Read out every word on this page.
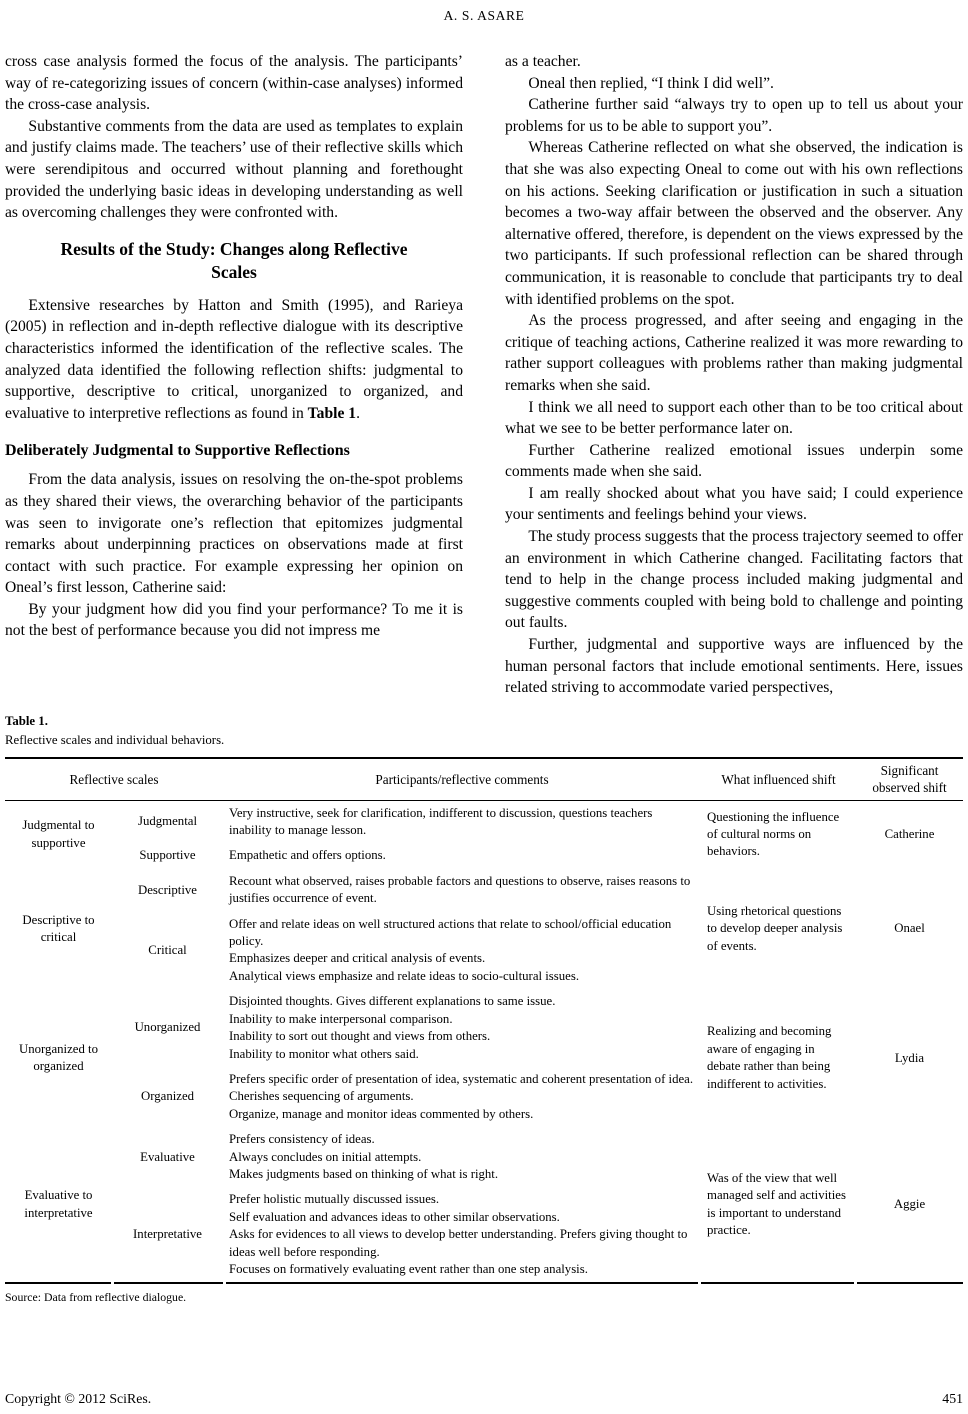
A. S. ASARE

cross case analysis formed the focus of the analysis. The participants’ way of re-categorizing issues of concern (within-case analyses) informed the cross-case analysis.

Substantive comments from the data are used as templates to explain and justify claims made. The teachers’ use of their reflective skills which were serendipitous and occurred without planning and forethought provided the underlying basic ideas in developing understanding as well as overcoming challenges they were confronted with.

Results of the Study: Changes along Reflective
Scales

Extensive researches by Hatton and Smith (1995), and Rarieya (2005) in reflection and in-depth reflective dialogue with its descriptive characteristics informed the identification of the reflective scales. The analyzed data identified the following reflection shifts: judgmental to supportive, descriptive to critical, unorganized to organized, and evaluative to interpretive reflections as found in Table 1.

Deliberately Judgmental to Supportive Reflections

From the data analysis, issues on resolving the on-the-spot problems as they shared their views, the overarching behavior of the participants was seen to invigorate one’s reflection that epitomizes judgmental remarks about underpinning practices on observations made at first contact with such practice. For example expressing her opinion on Oneal’s first lesson, Catherine said:

By your judgment how did you find your performance? To me it is not the best of performance because you did not impress me

as a teacher.

Oneal then replied, “I think I did well”.

Catherine further said “always try to open up to tell us about your problems for us to be able to support you”.

Whereas Catherine reflected on what she observed, the indication is that she was also expecting Oneal to come out with his own reflections on his actions. Seeking clarification or justification in such a situation becomes a two-way affair between the observed and the observer. Any alternative offered, therefore, is dependent on the views expressed by the two participants. If such professional reflection can be shared through communication, it is reasonable to conclude that participants try to deal with identified problems on the spot.

As the process progressed, and after seeing and engaging in the critique of teaching actions, Catherine realized it was more rewarding to rather support colleagues with problems rather than making judgmental remarks when she said.

I think we all need to support each other than to be too critical about what we see to be better performance later on.

Further Catherine realized emotional issues underpin some comments made when she said.

I am really shocked about what you have said; I could experience your sentiments and feelings behind your views.

The study process suggests that the process trajectory seemed to offer an environment in which Catherine changed. Facilitating factors that tend to help in the change process included making judgmental and suggestive comments coupled with being bold to challenge and pointing out faults.

Further, judgmental and supportive ways are influenced by the human personal factors that include emotional sentiments. Here, issues related striving to accommodate varied perspectives,

Table 1.
Reflective scales and individual behaviors.
Reflective scales		Participants/reflective comments	What influenced shift	Significant observed shift
Judgmental to supportive	Judgmental	Very instructive, seek for clarification, indifferent to discussion, questions teachers inability to manage lesson.	Questioning the influence of cultural norms on behaviors.	Catherine
	Supportive	Empathetic and offers options.		

Descriptive to critical	Descriptive	Recount what observed, raises probable factors and questions to observe, raises reasons to justifies occurrence of event.	Using rhetorical questions to develop deeper analysis of events.	Onael
	Critical	Offer and relate ideas on well structured actions that relate to school/official education policy.
Emphasizes deeper and critical analysis of events.
Analytical views emphasize and relate ideas to socio-cultural issues.		

Unorganized to organized	Unorganized	Disjointed thoughts. Gives different explanations to same issue.
Inability to make interpersonal comparison.
Inability to sort out thought and views from others.
Inability to monitor what others said.	Realizing and becoming aware of engaging in debate rather than being indifferent to activities.	Lydia
	Organized	Prefers specific order of presentation of idea, systematic and coherent presentation of idea.
Cherishes sequencing of arguments.
Organize, manage and monitor ideas commented by others.		

Evaluative to interpretative	Evaluative	Prefers consistency of ideas.
Always concludes on initial attempts.
Makes judgments based on thinking of what is right.	Was of the view that well managed self and activities is important to understand practice.	Aggie
	Interpretative	Prefer holistic mutually discussed issues.
Self evaluation and advances ideas to other similar observations.
Asks for evidences to all views to develop better understanding. Prefers giving thought to ideas well before responding.
Focuses on formatively evaluating event rather than one step analysis.		
Source: Data from reflective dialogue.
Copyright © 2012 SciRes.	451
